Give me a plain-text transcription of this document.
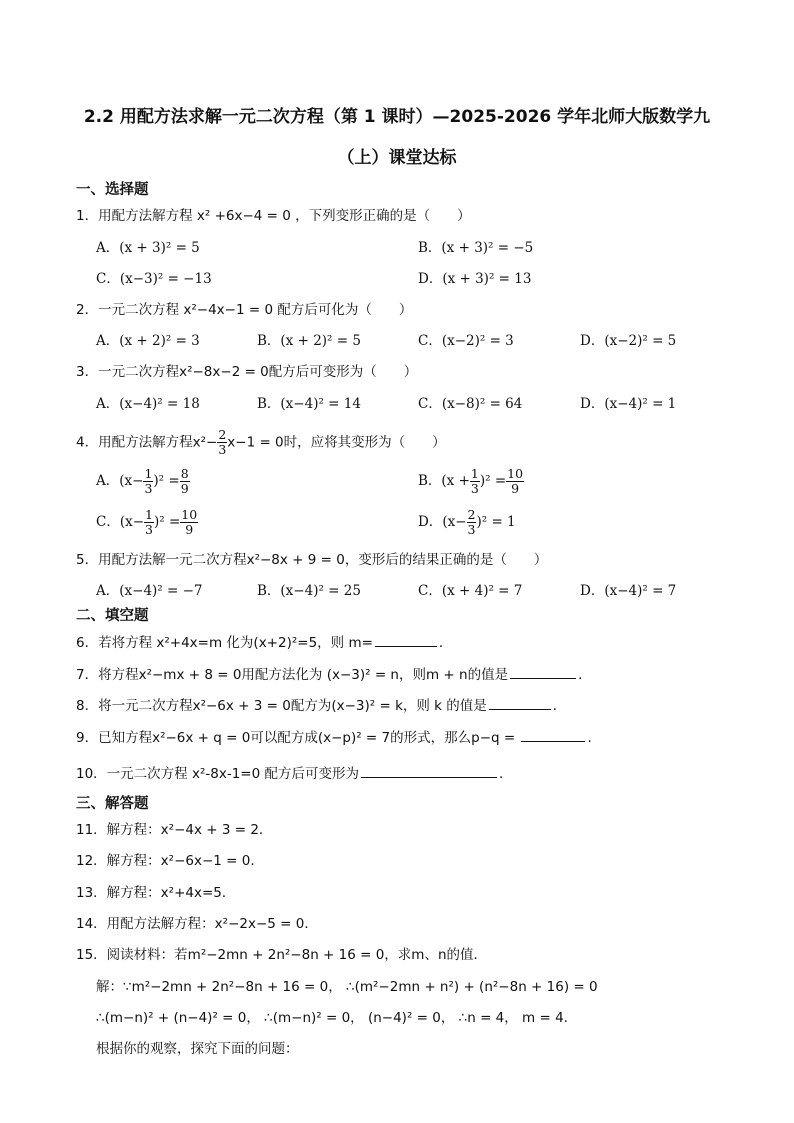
2.2 用配方法求解一元二次方程（第 1 课时）—2025-2026 学年北师大版数学九
（上）课堂达标
一、选择题
1．用配方法解方程 x² +6x−4 = 0 ，下列变形正确的是（　　）
A．(x + 3)² = 5	B．(x + 3)² = −5
C．(x−3)² = −13	D．(x + 3)² = 13
2．一元二次方程 x²−4x−1 = 0 配方后可化为（　　）
A．(x + 2)² = 3	B．(x + 2)² = 5	C．(x−2)² = 3	D．(x−2)² = 5
3．一元二次方程x²−8x−2 = 0配方后可变形为（　　）
A．(x−4)² = 18	B．(x−4)² = 14	C．(x−8)² = 64	D．(x−4)² = 1
4．用配方法解方程$x^2- \frac{2}{3} x-1 = 0$时，应将其变形为（　　）
A．$(x- \frac{1}{3} )^2 = \frac{8}{9}$	B．$(x + \frac{1}{3} )^2 = \frac{10}{9}$
C．$(x- \frac{1}{3} )^2 = \frac{10}{9}$	D．$(x- \frac{2}{3} )^2 = 1$
5．用配方法解一元二次方程x²−8x + 9 = 0，变形后的结果正确的是（　　）
A．(x−4)² = −7	B．(x−4)² = 25	C．(x + 4)² = 7	D．(x−4)² = 7
二、填空题
6．若将方程 x²+4x=m 化为(x+2)²=5，则 m=	．
7．将方程x²−mx + 8 = 0用配方法化为 (x−3)² = n，则m + n的值是	．
8．将一元二次方程x²−6x + 3 = 0配方为(x−3)² = k，则 k 的值是	．
9．已知方程x²−6x + q = 0可以配方成(x−p)² = 7的形式，那么p−q =	．
10．一元二次方程 x²-8x-1=0 配方后可变形为	．
三、解答题
11．解方程：x²−4x + 3 = 2．
12．解方程：x²−6x−1 = 0.
13．解方程：x²+4x=5．
14．用配方法解方程：x²−2x−5 = 0．
15．阅读材料：若m²−2mn + 2n²−8n + 16 = 0，求m、n的值．
解：∵m²−2mn + 2n²−8n + 16 = 0， ∴(m²−2mn + n²) + (n²−8n + 16) = 0
∴(m−n)² + (n−4)² = 0， ∴(m−n)² = 0， (n−4)² = 0， ∴n = 4， m = 4．
根据你的观察，探究下面的问题：
